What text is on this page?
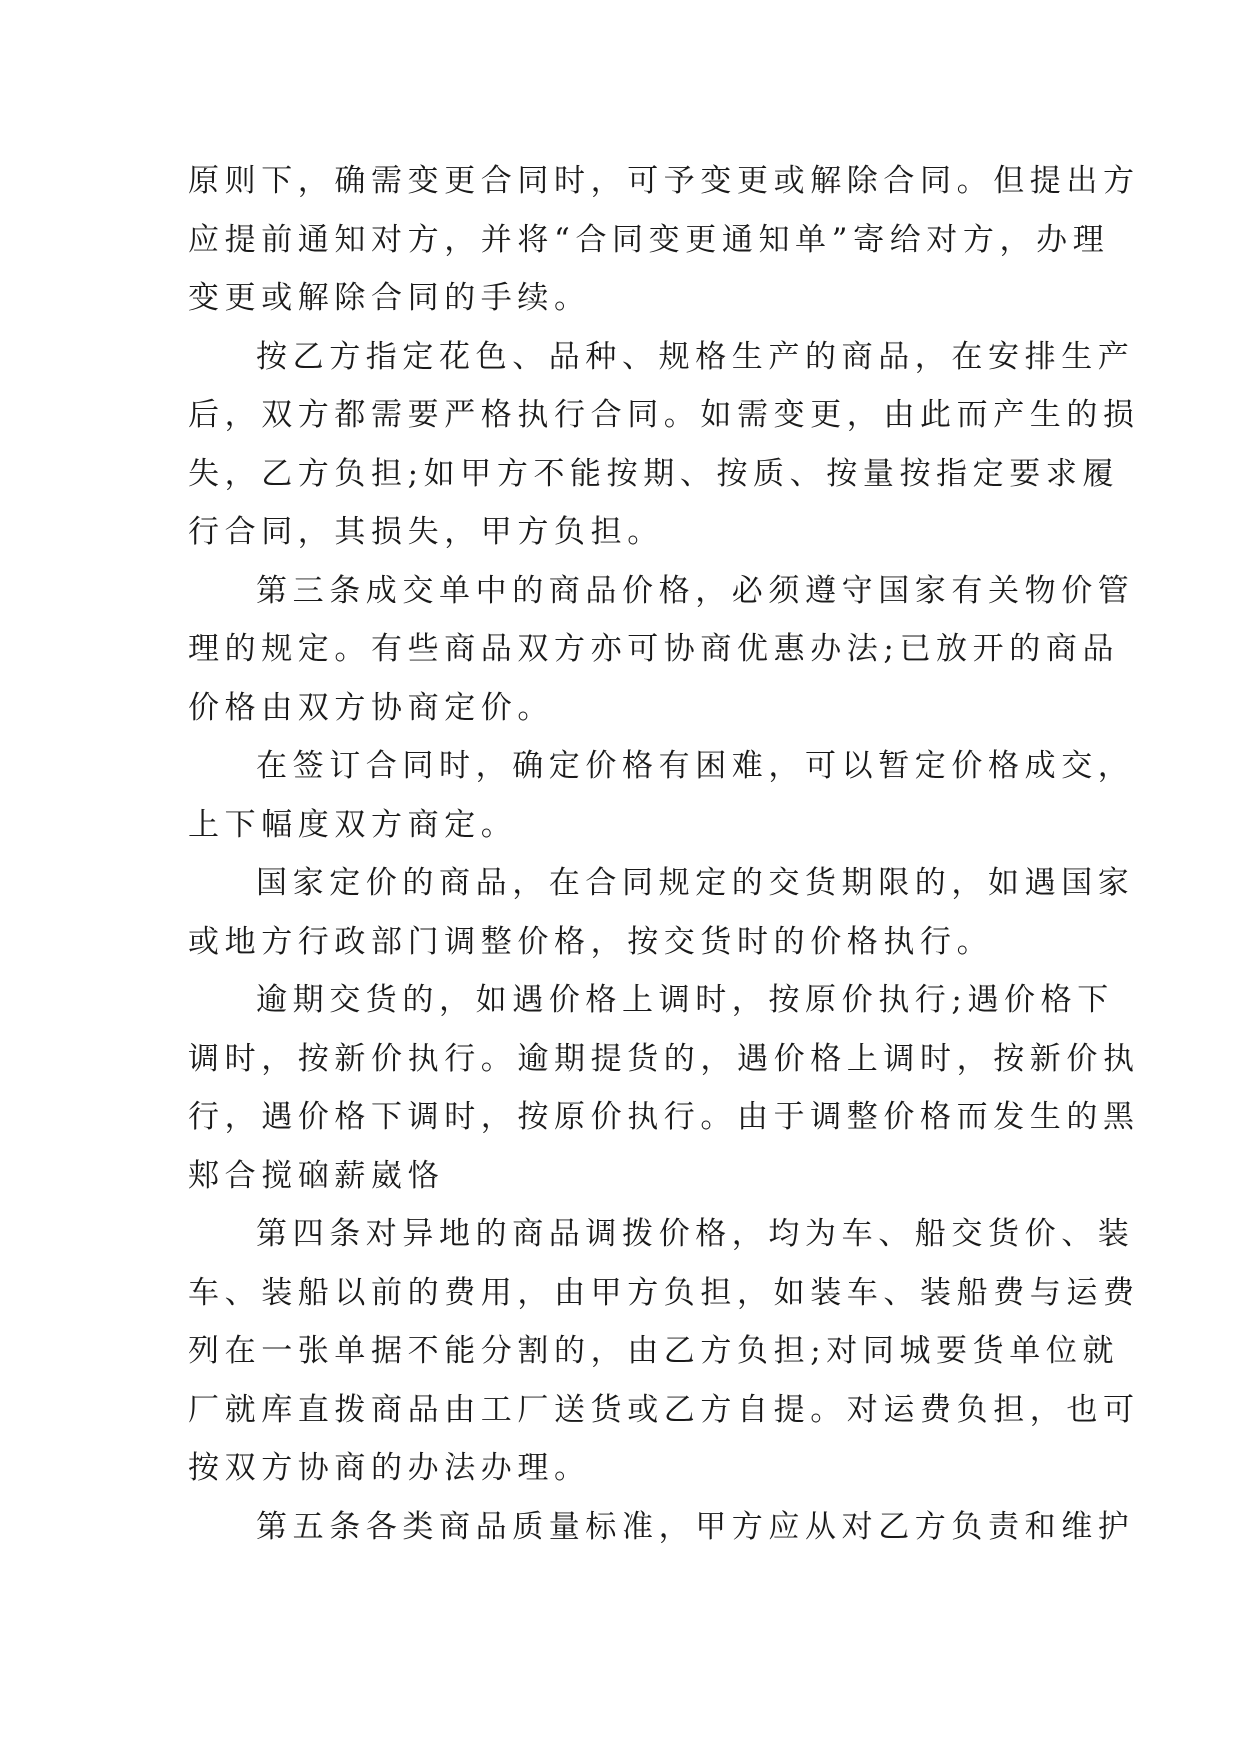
原则下，确需变更合同时，可予变更或解除合同。但提出方
应提前通知对方，并将“合同变更通知单”寄给对方，办理
变更或解除合同的手续。
按乙方指定花色、品种、规格生产的商品，在安排生产
后，双方都需要严格执行合同。如需变更，由此而产生的损
失，乙方负担;如甲方不能按期、按质、按量按指定要求履
行合同，其损失，甲方负担。
第三条成交单中的商品价格，必须遵守国家有关物价管
理的规定。有些商品双方亦可协商优惠办法;已放开的商品
价格由双方协商定价。
在签订合同时，确定价格有困难，可以暂定价格成交，
上下幅度双方商定。
国家定价的商品，在合同规定的交货期限的，如遇国家
或地方行政部门调整价格，按交货时的价格执行。
逾期交货的，如遇价格上调时，按原价执行;遇价格下
调时，按新价执行。逾期提货的，遇价格上调时，按新价执
行，遇价格下调时，按原价执行。由于调整价格而发生的黑
郏合搅硇薪崴恪
第四条对异地的商品调拨价格，均为车、船交货价、装
车、装船以前的费用，由甲方负担，如装车、装船费与运费
列在一张单据不能分割的，由乙方负担;对同城要货单位就
厂就库直拨商品由工厂送货或乙方自提。对运费负担，也可
按双方协商的办法办理。
第五条各类商品质量标准，甲方应从对乙方负责和维护
